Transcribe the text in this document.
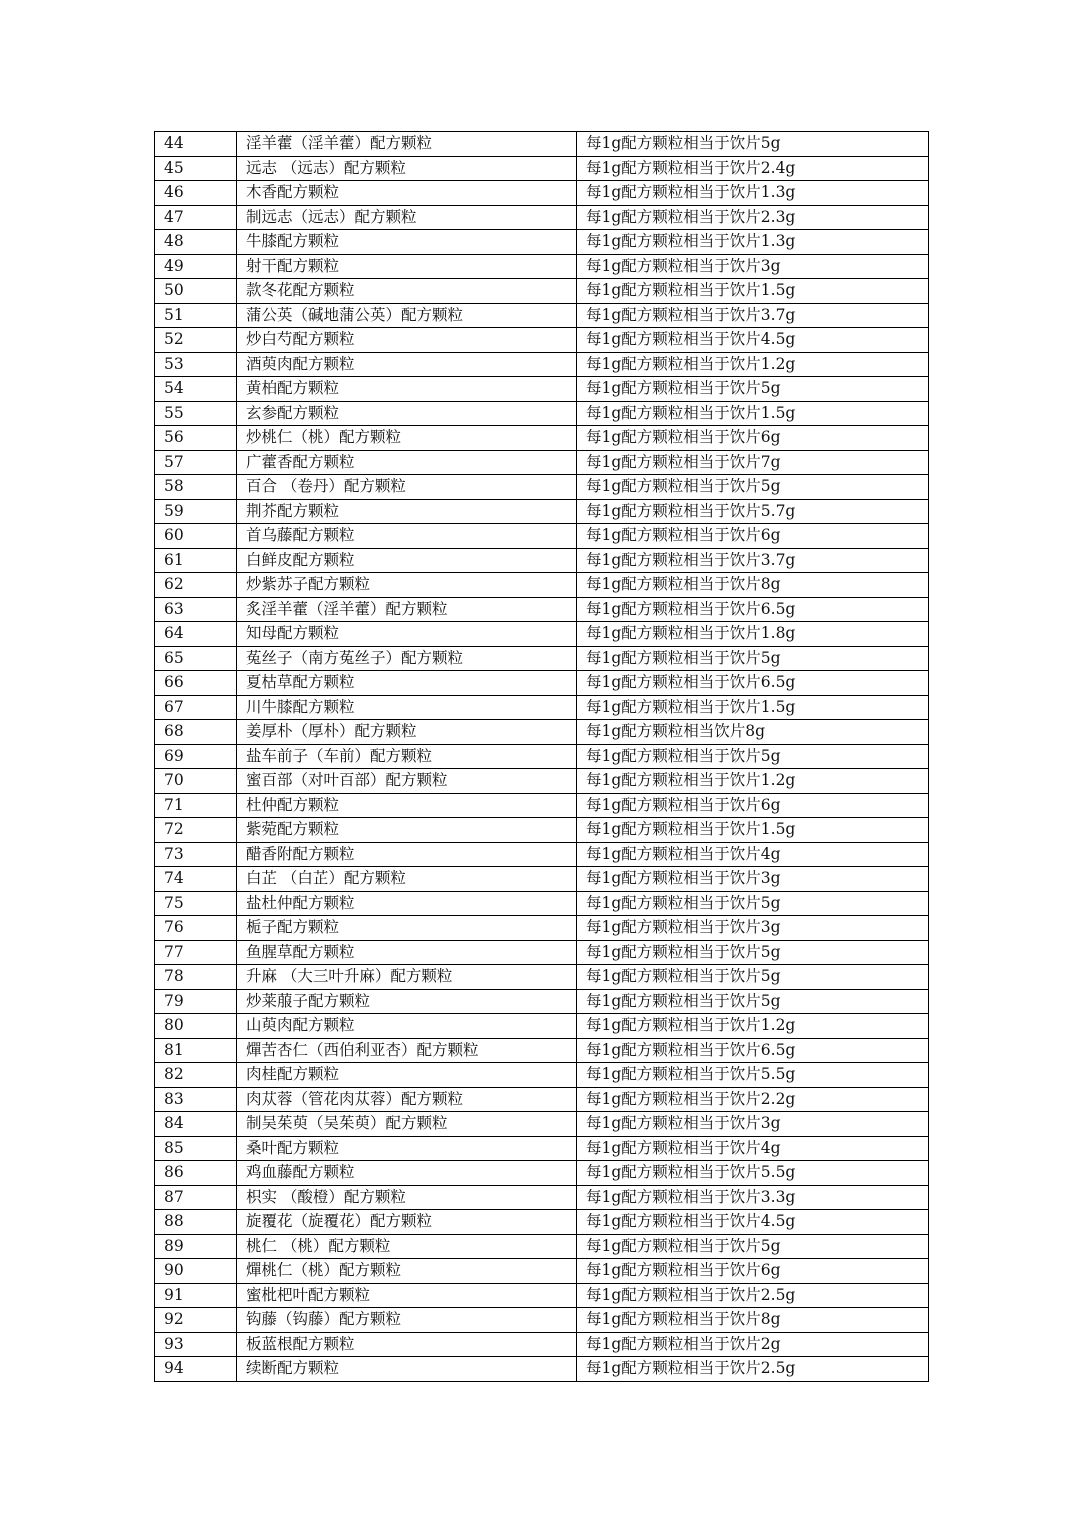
44	淫羊藿（淫羊藿）配方颗粒	每1g配方颗粒相当于饮片5g
45	远志 （远志）配方颗粒	每1g配方颗粒相当于饮片2.4g
46	木香配方颗粒	每1g配方颗粒相当于饮片1.3g
47	制远志（远志）配方颗粒	每1g配方颗粒相当于饮片2.3g
48	牛膝配方颗粒	每1g配方颗粒相当于饮片1.3g
49	射干配方颗粒	每1g配方颗粒相当于饮片3g
50	款冬花配方颗粒	每1g配方颗粒相当于饮片1.5g
51	蒲公英（碱地蒲公英）配方颗粒	每1g配方颗粒相当于饮片3.7g
52	炒白芍配方颗粒	每1g配方颗粒相当于饮片4.5g
53	酒萸肉配方颗粒	每1g配方颗粒相当于饮片1.2g
54	黄柏配方颗粒	每1g配方颗粒相当于饮片5g
55	玄参配方颗粒	每1g配方颗粒相当于饮片1.5g
56	炒桃仁（桃）配方颗粒	每1g配方颗粒相当于饮片6g
57	广藿香配方颗粒	每1g配方颗粒相当于饮片7g
58	百合 （卷丹）配方颗粒	每1g配方颗粒相当于饮片5g
59	荆芥配方颗粒	每1g配方颗粒相当于饮片5.7g
60	首乌藤配方颗粒	每1g配方颗粒相当于饮片6g
61	白鲜皮配方颗粒	每1g配方颗粒相当于饮片3.7g
62	炒紫苏子配方颗粒	每1g配方颗粒相当于饮片8g
63	炙淫羊藿（淫羊藿）配方颗粒	每1g配方颗粒相当于饮片6.5g
64	知母配方颗粒	每1g配方颗粒相当于饮片1.8g
65	菟丝子（南方菟丝子）配方颗粒	每1g配方颗粒相当于饮片5g
66	夏枯草配方颗粒	每1g配方颗粒相当于饮片6.5g
67	川牛膝配方颗粒	每1g配方颗粒相当于饮片1.5g
68	姜厚朴（厚朴）配方颗粒	每1g配方颗粒相当饮片8g
69	盐车前子（车前）配方颗粒	每1g配方颗粒相当于饮片5g
70	蜜百部（对叶百部）配方颗粒	每1g配方颗粒相当于饮片1.2g
71	杜仲配方颗粒	每1g配方颗粒相当于饮片6g
72	紫菀配方颗粒	每1g配方颗粒相当于饮片1.5g
73	醋香附配方颗粒	每1g配方颗粒相当于饮片4g
74	白芷 （白芷）配方颗粒	每1g配方颗粒相当于饮片3g
75	盐杜仲配方颗粒	每1g配方颗粒相当于饮片5g
76	栀子配方颗粒	每1g配方颗粒相当于饮片3g
77	鱼腥草配方颗粒	每1g配方颗粒相当于饮片5g
78	升麻 （大三叶升麻）配方颗粒	每1g配方颗粒相当于饮片5g
79	炒莱菔子配方颗粒	每1g配方颗粒相当于饮片5g
80	山萸肉配方颗粒	每1g配方颗粒相当于饮片1.2g
81	燀苦杏仁（西伯利亚杏）配方颗粒	每1g配方颗粒相当于饮片6.5g
82	肉桂配方颗粒	每1g配方颗粒相当于饮片5.5g
83	肉苁蓉（管花肉苁蓉）配方颗粒	每1g配方颗粒相当于饮片2.2g
84	制吴茱萸（吴茱萸）配方颗粒	每1g配方颗粒相当于饮片3g
85	桑叶配方颗粒	每1g配方颗粒相当于饮片4g
86	鸡血藤配方颗粒	每1g配方颗粒相当于饮片5.5g
87	枳实 （酸橙）配方颗粒	每1g配方颗粒相当于饮片3.3g
88	旋覆花（旋覆花）配方颗粒	每1g配方颗粒相当于饮片4.5g
89	桃仁 （桃）配方颗粒	每1g配方颗粒相当于饮片5g
90	燀桃仁（桃）配方颗粒	每1g配方颗粒相当于饮片6g
91	蜜枇杷叶配方颗粒	每1g配方颗粒相当于饮片2.5g
92	钩藤（钩藤）配方颗粒	每1g配方颗粒相当于饮片8g
93	板蓝根配方颗粒	每1g配方颗粒相当于饮片2g
94	续断配方颗粒	每1g配方颗粒相当于饮片2.5g
